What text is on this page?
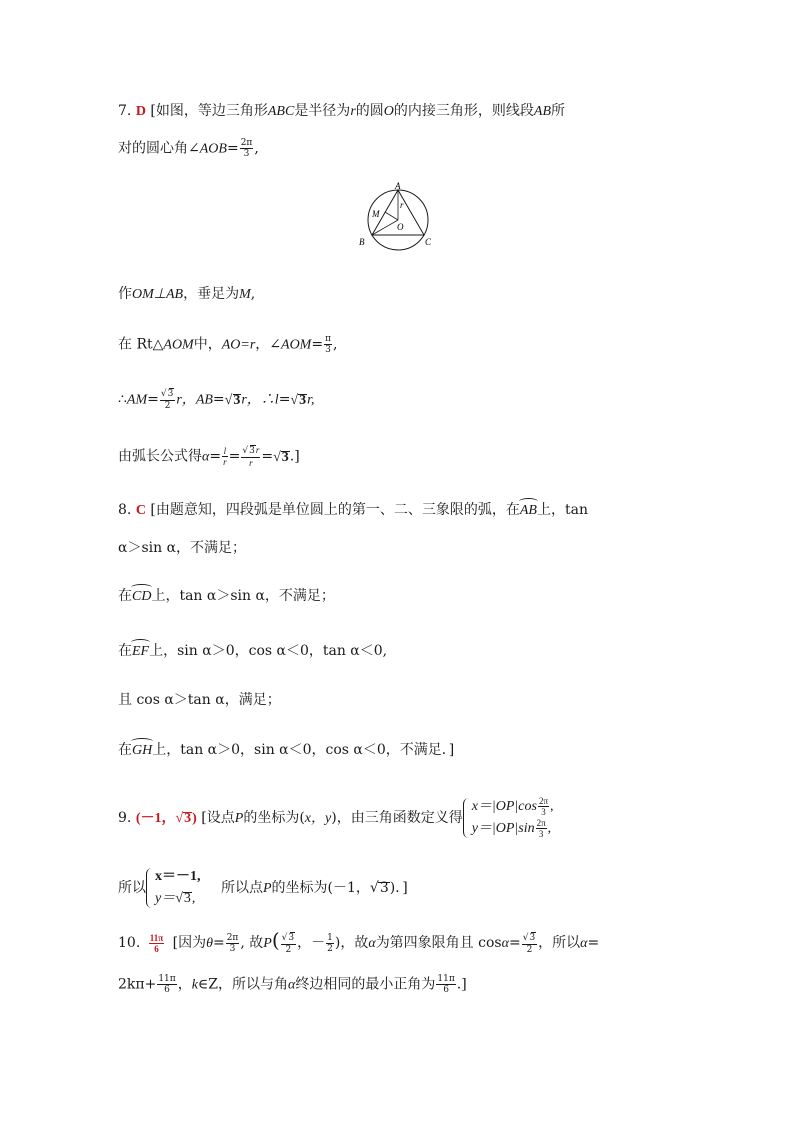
7. D [如图，等边三角形ABC是半径为r的圆O的内接三角形，则线段AB所
对的圆心角∠AOB= $\frac{2\pi}{3}$ ,
A
B	C
M
O
r
作OM⊥AB，垂足为M,
在 Rt△AOM中，AO=r，∠AOM= $\frac{\pi}{3}$ ,
∴AM= √ $\frac{3}{2}$ r，AB= √ 3r，∴l= √ 3r,
由弧长公式得$\alpha= \frac{l}{r}$ = √ $\frac{3r}{r}$ = √ 3.]
8. C [由题意知，四段弧是单位圆上的第一、二、三象限的弧，在AB上，tan
α＞sin α，不满足；
在CD上，tan α＞sin α，不满足；
在EF上，sin α＞0，cos α＜0，tan α＜0,
且 cos α＞tan α，满足；
在GH上，tan α＞0，sin α＜0，cos α＜0，不满足．]
9. (－1， √ 3) [设点P的坐标为(x，y)，由三角函数定义得
$x=|OP|\cos \frac{2\pi}{3}$ ,
$y=|OP|\sin \frac{2\pi}{3}$ ,
所以
x＝－1,
y＝ √ 3,
所以点P的坐标为(－1， √ 3)．]
10. $\frac{11\pi}{6}$ [因为$\theta= \frac{2\pi}{3}$ , 故P( √ $\frac{3}{2}$ ，－ $\frac{1}{2}$ )，故α为第四象限角且 cosα= √ $\frac{3}{2}$ ，所以α=
$2k\pi+ \frac{11\pi}{6}$ ，k∈Z，所以与角α终边相同的最小正角为 $\frac{11\pi}{6}$ .]
